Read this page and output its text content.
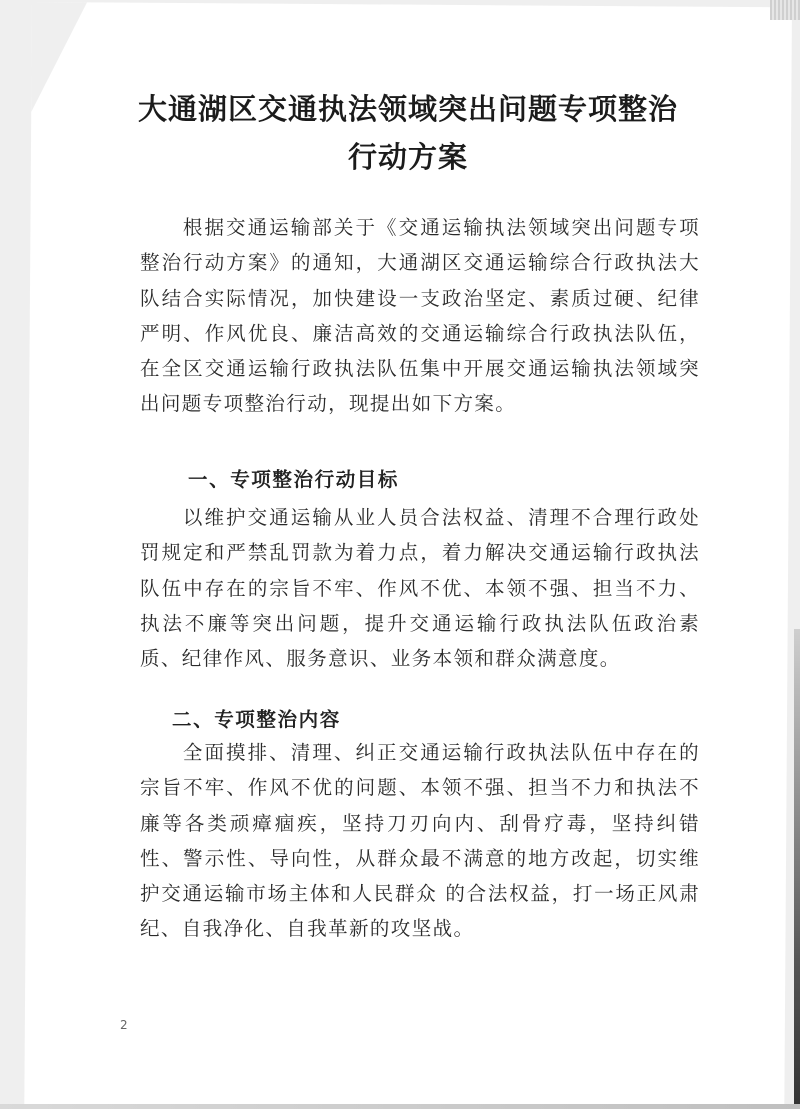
大通湖区交通执法领域突出问题专项整治
行动方案

根据交通运输部关于《交通运输执法领域突出问题专项整治行动方案》的通知，大通湖区交通运输综合行政执法大队结合实际情况，加快建设一支政治坚定、素质过硬、纪律严明、作风优良、廉洁高效的交通运输综合行政执法队伍，在全区交通运输行政执法队伍集中开展交通运输执法领域突出问题专项整治行动，现提出如下方案。

一、专项整治行动目标

以维护交通运输从业人员合法权益、清理不合理行政处罚规定和严禁乱罚款为着力点，着力解决交通运输行政执法队伍中存在的宗旨不牢、作风不优、本领不强、担当不力、执法不廉等突出问题，提升交通运输行政执法队伍政治素质、纪律作风、服务意识、业务本领和群众满意度。

二、专项整治内容

全面摸排、清理、纠正交通运输行政执法队伍中存在的宗旨不牢、作风不优的问题、本领不强、担当不力和执法不廉等各类顽瘴痼疾，坚持刀刃向内、刮骨疗毒，坚持纠错性、警示性、导向性，从群众最不满意的地方改起，切实维护交通运输市场主体和人民群众 的合法权益，打一场正风肃纪、自我净化、自我革新的攻坚战。

2
